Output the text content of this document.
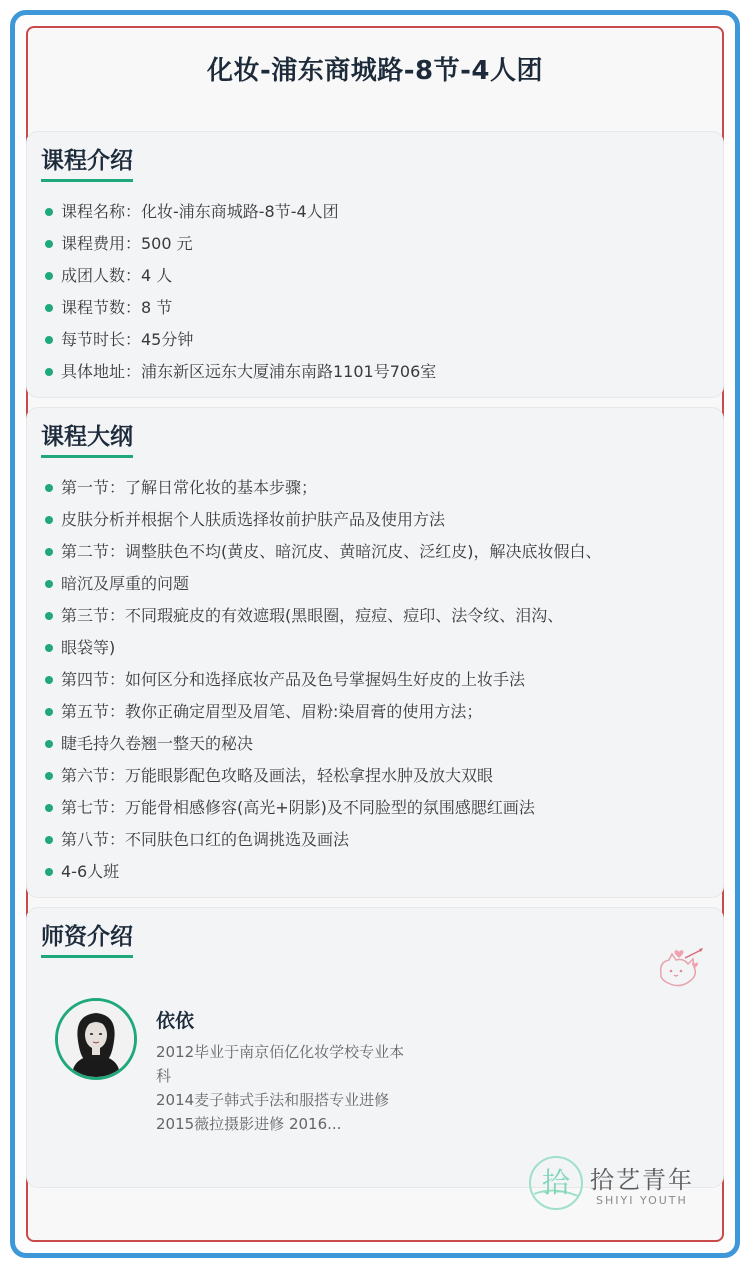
化妆-浦东商城路-8节-4人团
课程介绍
课程名称：化妆-浦东商城路-8节-4人团
课程费用：500 元
成团人数：4 人
课程节数：8 节
每节时长：45分钟
具体地址：浦东新区远东大厦浦东南路1101号706室
课程大纲
第一节：了解日常化妆的基本步骤；
皮肤分析并根据个人肤质选择妆前护肤产品及使用方法
第二节：调整肤色不均(黄皮、暗沉皮、黄暗沉皮、泛红皮)，解决底妆假白、
暗沉及厚重的问题
第三节：不同瑕疵皮的有效遮瑕(黑眼圈，痘痘、痘印、法令纹、泪沟、
眼袋等)
第四节：如何区分和选择底妆产品及色号掌握妈生好皮的上妆手法
第五节：教你正确定眉型及眉笔、眉粉:染眉膏的使用方法；
睫毛持久卷翘一整天的秘决
第六节：万能眼影配色攻略及画法，轻松拿捏水肿及放大双眼
第七节：万能骨相感修容(高光+阴影)及不同脸型的氛围感腮红画法
第八节：不同肤色口红的色调挑选及画法
4-6人班
师资介绍
依依
2012毕业于南京佰亿化妆学校专业本
科
2014麦子韩式手法和服搭专业进修
2015薇拉摄影进修 2016...
拾 拾艺青年
SHIYI YOUTH
